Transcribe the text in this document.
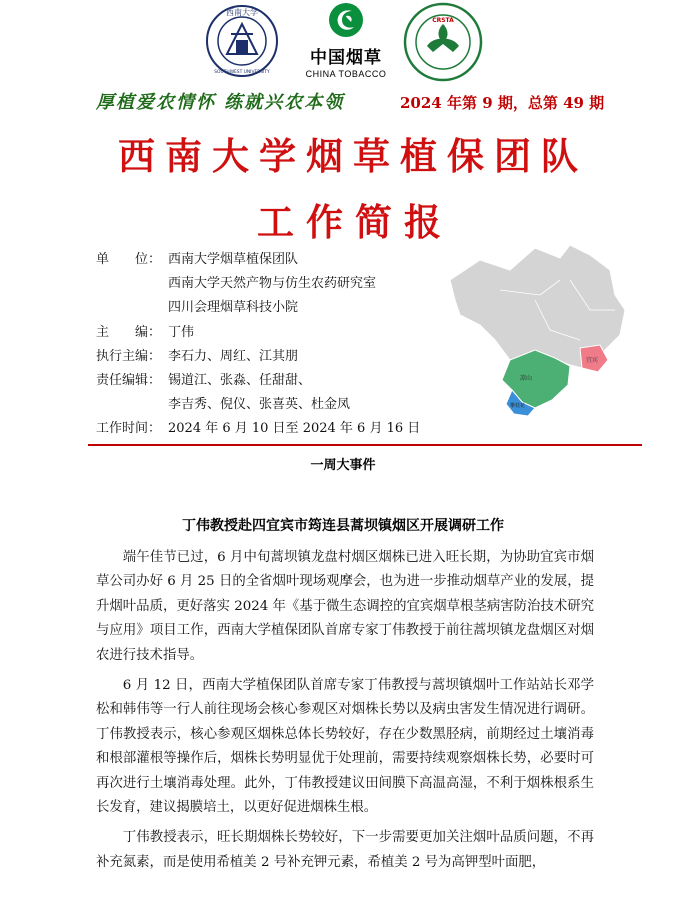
西南大学
SOUTHWEST UNIVERSITY
中国烟草
CHINA TOBACCO
CRSTA
厚植爱农情怀 练就兴农本领	2024 年第 9 期，总第 49 期
西南大学烟草植保团队
工作简报
单　　位： 西南大学烟草植保团队
西南大学天然产物与仿生农药研究室
四川会理烟草科技小院
主　　编： 丁伟
执行主编： 李石力、周红、江其朋
责任编辑： 锡道江、张淼、任甜甜、
李吉秀、倪仪、张喜英、杜金凤
工作时间： 2024 年 6 月 10 日至 2024 年 6 月 16 日
宜宾
凉山
攀枝花
一周大事件
丁伟教授赴四宜宾市筠连县蒿坝镇烟区开展调研工作

端午佳节已过，6 月中旬蒿坝镇龙盘村烟区烟株已进入旺长期，为协助宜宾市烟草公司办好 6 月 25 日的全省烟叶现场观摩会，也为进一步推动烟草产业的发展，提升烟叶品质，更好落实 2024 年《基于微生态调控的宜宾烟草根茎病害防治技术研究与应用》项目工作，西南大学植保团队首席专家丁伟教授于前往蒿坝镇龙盘烟区对烟农进行技术指导。

6 月 12 日，西南大学植保团队首席专家丁伟教授与蒿坝镇烟叶工作站站长邓学松和韩伟等一行人前往现场会核心参观区对烟株长势以及病虫害发生情况进行调研。丁伟教授表示，核心参观区烟株总体长势较好，存在少数黑胫病，前期经过土壤消毒和根部灌根等操作后，烟株长势明显优于处理前，需要持续观察烟株长势，必要时可再次进行土壤消毒处理。此外，丁伟教授建议田间膜下高温高湿，不利于烟株根系生长发育，建议揭膜培土，以更好促进烟株生根。

丁伟教授表示，旺长期烟株长势较好，下一步需要更加关注烟叶品质问题，不再补充氮素，而是使用希植美 2 号补充钾元素，希植美 2 号为高钾型叶面肥，
